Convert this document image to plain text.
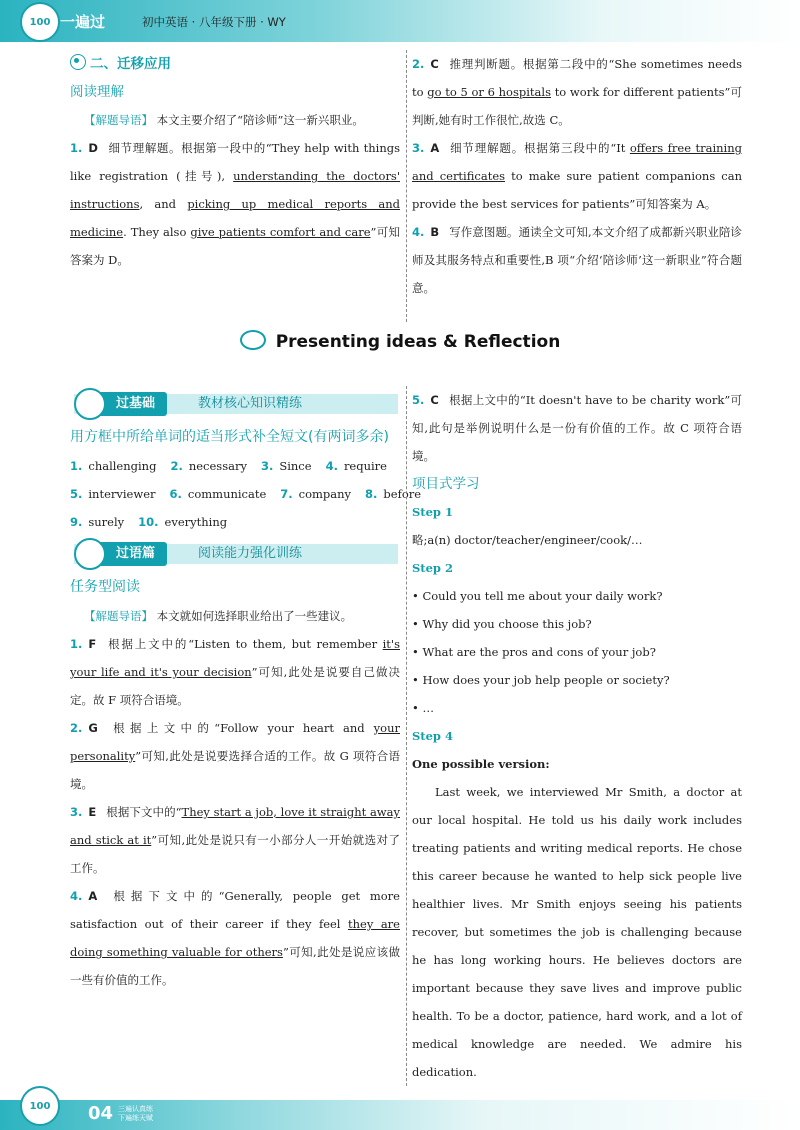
100 一遍过	初中英语 · 八年级下册 · WY
二、迁移应用
阅读理解
【解题导语】 本文主要介绍了“陪诊师”这一新兴职业。
1. D 细节理解题。根据第一段中的“They help with things like registration (挂号), understanding the doctors' instructions, and picking up medical reports and medicine. They also give patients comfort and care”可知答案为 D。
2. C 推理判断题。根据第二段中的“She sometimes needs to go to 5 or 6 hospitals to work for different patients”可判断,她有时工作很忙,故选 C。
3. A 细节理解题。根据第三段中的“It offers free training and certificates to make sure patient companions can provide the best services for patients”可知答案为 A。
4. B 写作意图题。通读全文可知,本文介绍了成都新兴职业陪诊师及其服务特点和重要性,B 项“介绍‘陪诊师’这一新职业”符合题意。
Presenting ideas & Reflection
过基础	教材核心知识精练
用方框中所给单词的适当形式补全短文(有两词多余)
1. challenging 2. necessary 3. Since 4. require
5. interviewer 6. communicate 7. company 8. before
9. surely 10. everything
过语篇	阅读能力强化训练
任务型阅读
【解题导语】 本文就如何选择职业给出了一些建议。
1. F 根据上文中的“Listen to them, but remember it's your life and it's your decision”可知,此处是说要自己做决定。故 F 项符合语境。
2. G 根据上文中的“Follow your heart and your personality”可知,此处是说要选择合适的工作。故 G 项符合语境。
3. E 根据下文中的“They start a job, love it straight away and stick at it”可知,此处是说只有一小部分人一开始就选对了工作。
4. A 根据下文中的“Generally, people get more satisfaction out of their career if they feel they are doing something valuable for others”可知,此处是说应该做一些有价值的工作。
5. C 根据上文中的“It doesn't have to be charity work”可知,此句是举例说明什么是一份有价值的工作。故 C 项符合语境。
项目式学习
Step 1
略;a(n) doctor/teacher/engineer/cook/…
Step 2
• Could you tell me about your daily work?
• Why did you choose this job?
• What are the pros and cons of your job?
• How does your job help people or society?
• …
Step 4
One possible version:
Last week, we interviewed Mr Smith, a doctor at our local hospital. He told us his daily work includes treating patients and writing medical reports. He chose this career because he wanted to help sick people live healthier lives. Mr Smith enjoys seeing his patients recover, but sometimes the job is challenging because he has long working hours. He believes doctors are important because they save lives and improve public health. To be a doctor, patience, hard work, and a lot of medical knowledge are needed. We admire his dedication.
100 04 三遍认真练
下遍练天赋
